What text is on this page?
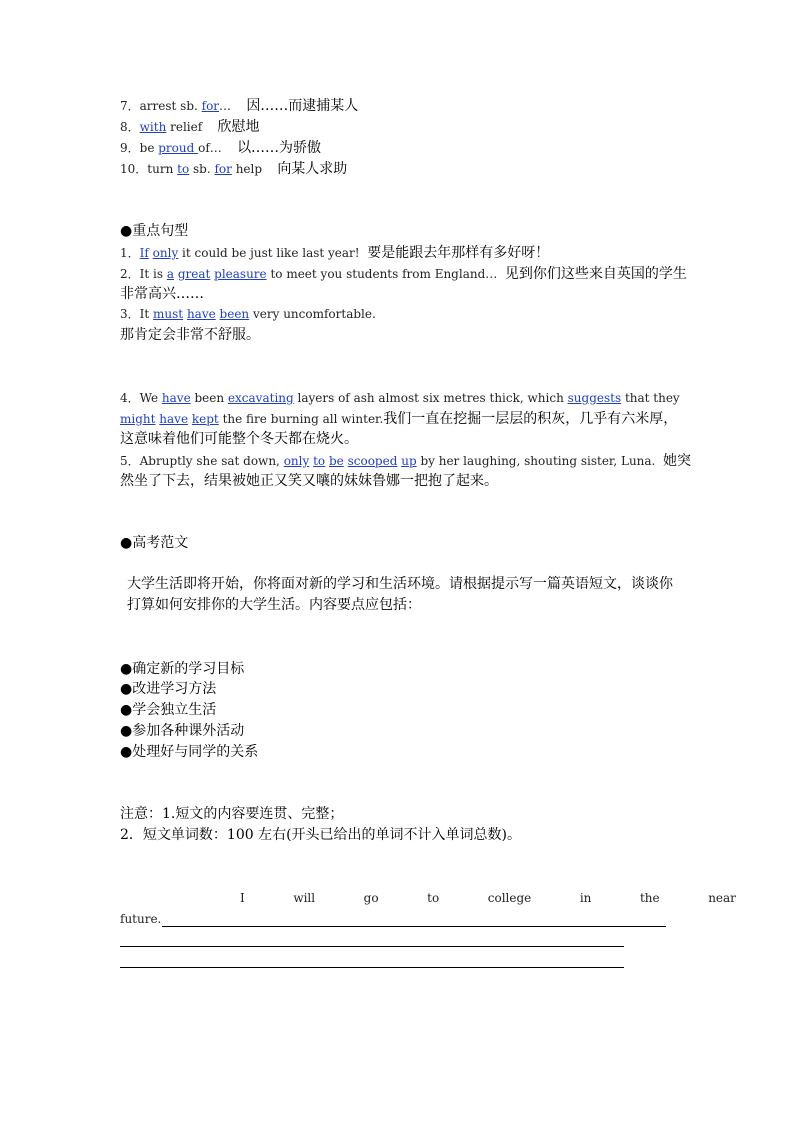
7．arrest sb. for… 因……而逮捕某人
8．with relief 欣慰地
9．be proud of… 以……为骄傲
10．turn to sb. for help 向某人求助
●重点句型
1．If only it could be just like last year! 要是能跟去年那样有多好呀！
2．It is a great pleasure to meet you students from England… 见到你们这些来自英国的学生
非常高兴……
3．It must have been very uncomfortable.
那肯定会非常不舒服。
4．We have been excavating layers of ash almost six metres thick, which suggests that they
might have kept the fire burning all winter.我们一直在挖掘一层层的积灰，几乎有六米厚，
这意味着他们可能整个冬天都在烧火。
5．Abruptly she sat down, only to be scooped up by her laughing, shouting sister, Luna. 她突
然坐了下去，结果被她正又笑又嚷的妹妹鲁娜一把抱了起来。
●高考范文
大学生活即将开始，你将面对新的学习和生活环境。请根据提示写一篇英语短文，谈谈你
打算如何安排你的大学生活。内容要点应包括：
●确定新的学习目标
●改进学习方法
●学会独立生活
●参加各种课外活动
●处理好与同学的关系
注意：1.短文的内容要连贯、完整；
2．短文单词数：100 左右(开头已给出的单词不计入单词总数)。
I	will	go	to	college	in	the	near
future.
